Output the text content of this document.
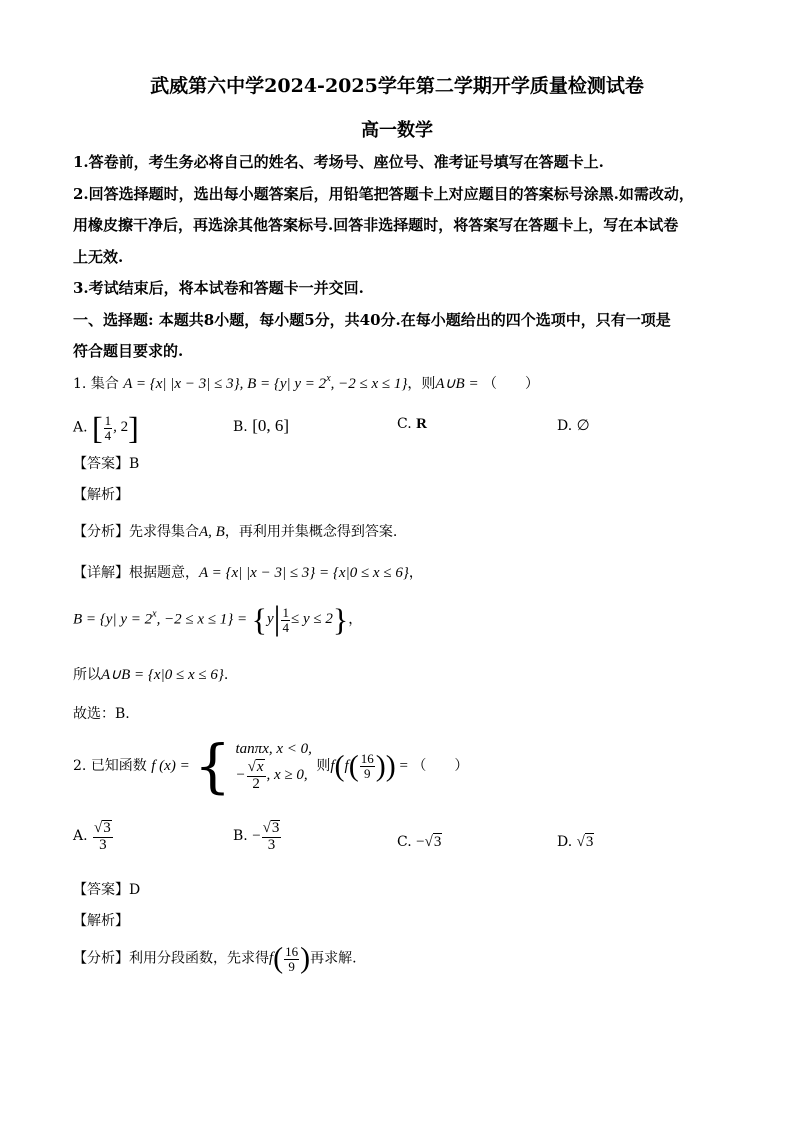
武威第六中学2024-2025学年第二学期开学质量检测试卷
高一数学
1.答卷前，考生务必将自己的姓名、考场号、座位号、准考证号填写在答题卡上.
2.回答选择题时，选出每小题答案后，用铅笔把答题卡上对应题目的答案标号涂黑.如需改动，
用橡皮擦干净后，再选涂其他答案标号.回答非选择题时，将答案写在答题卡上，写在本试卷
上无效.
3.考试结束后，将本试卷和答题卡一并交回.
一、选择题: 本题共8小题，每小题5分，共40分.在每小题给出的四个选项中，只有一项是
符合题目要求的.
1. 集合 A = {x| |x − 3| ≤ 3}, B = {y| $y = 2^x$, −2 ≤ x ≤ 1}，则A∪B = （　　）
A. [ $\frac{1}{4}$ , 2]	B. [0, 6]	C. R	D. ∅
【答案】B
【解析】
【分析】先求得集合A, B，再利用并集概念得到答案.
【详解】根据题意，A = {x| |x − 3| ≤ 3} = {x|0 ≤ x ≤ 6}，
B = {y| $y = 2^x$, $-2 \le x \le 1\} = \{y| \frac{1}{4} \le y \le 2\}$，
所以A∪B = {x|0 ≤ x ≤ 6}.
故选：B.
2. 已知函数 f (x) = { tanπx, x < 0,
− $\frac{√x}{2}$ , x ≥ 0,
则$f(f( \frac{16}{9}$ )) = （　　）
A. $\frac{√3}{3}$	B. − $\frac{√3}{3}$	C. −√3	D. √3
【答案】D
【解析】
【分析】利用分段函数，先求得$f( \frac{16}{9}$ )再求解.
